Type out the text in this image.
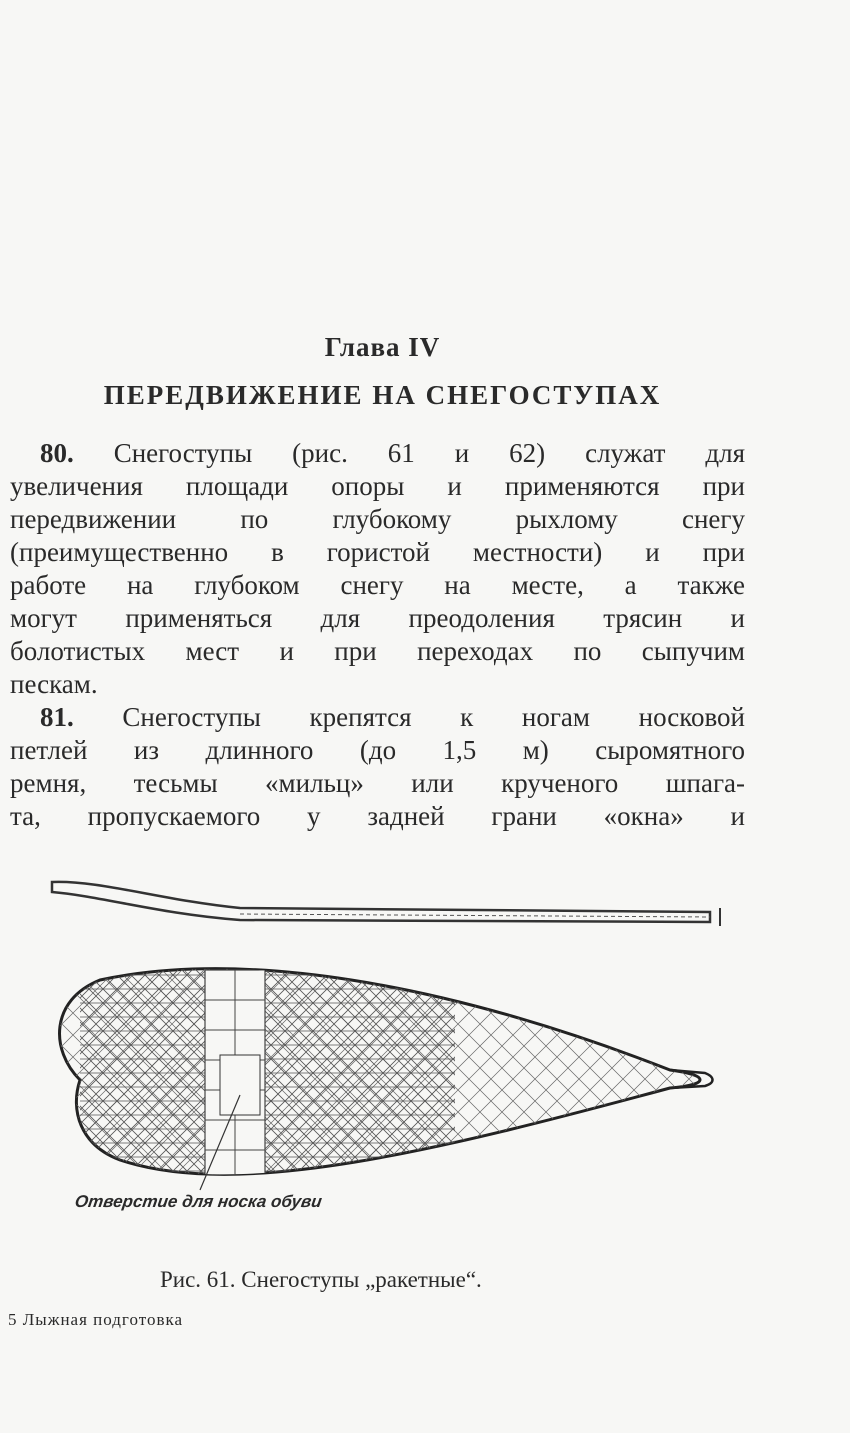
Глава IV
ПЕРЕДВИЖЕНИЕ НА СНЕГОСТУПАХ
80. Снегоступы (рис. 61 и 62) служат для
увеличения площади опоры и применяются при
передвижении по глубокому рыхлому снегу
(преимущественно в гористой местности) и при
работе на глубоком снегу на месте, а также
могут применяться для преодоления трясин и
болотистых мест и при переходах по сыпучим
пескам.
81. Снегоступы крепятся к ногам носковой
петлей из длинного (до 1,5 м) сыромятного
ремня, тесьмы «мильц» или крученого шпага-
та, пропускаемого у задней грани «окна» и
Отверстие для носка обуви
Рис. 61. Снегоступы „ракетные“.
5 Лыжная подготовка
